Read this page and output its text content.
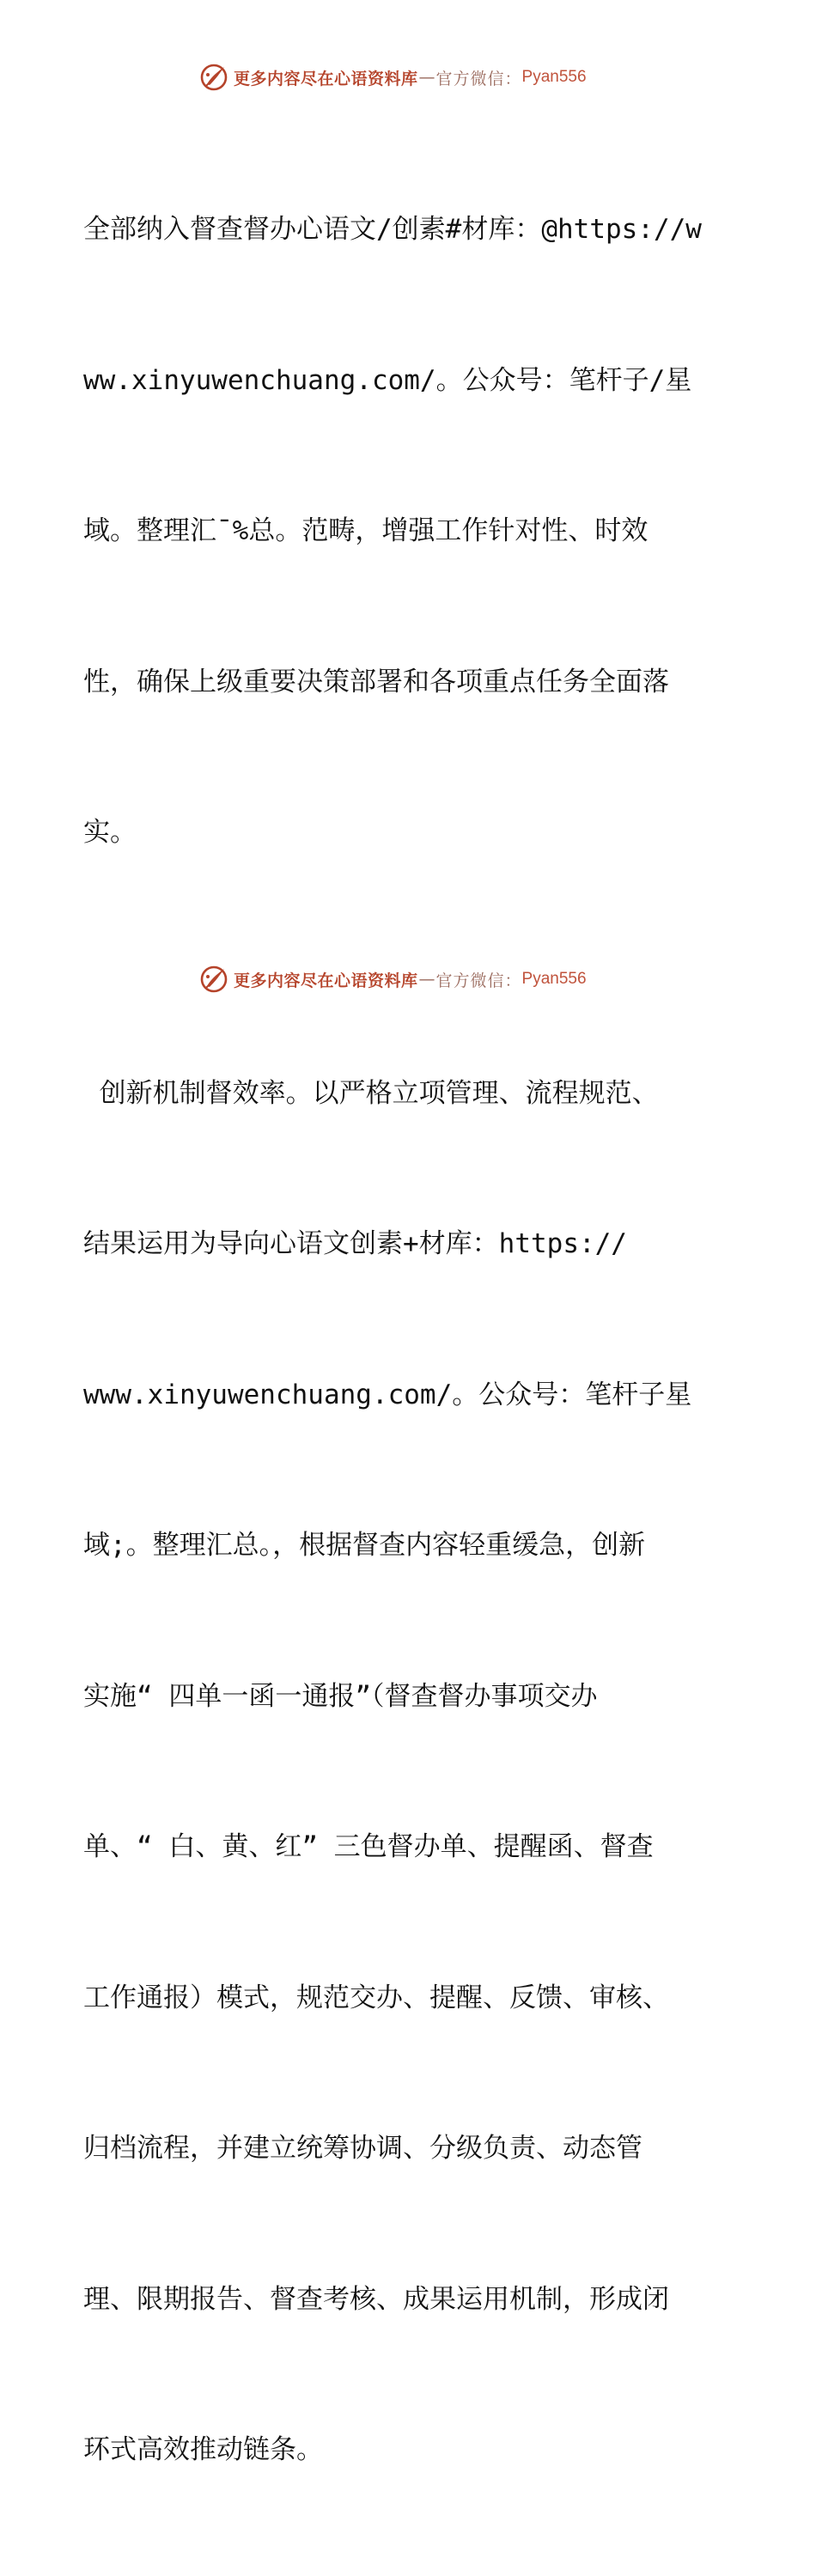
更多内容尽在心语资料库 — 官方微信： Pyan556

全部纳入督查督办心语文/创素#材库：@https://w

ww.xinyuwenchuang.com/。公众号：笔杆子/星

域。整理汇¯%总。范畴，增强工作针对性、时效

性，确保上级重要决策部署和各项重点任务全面落

实。

创新机制督效率。以严格立项管理、流程规范、

结果运用为导向心语文创素+材库：https://

www.xinyuwenchuang.com/。公众号：笔杆子星

域;。整理汇总。，根据督查内容轻重缓急，创新

实施“ 四单一函一通报”（督查督办事项交办

单、“ 白、黄、红” 三色督办单、提醒函、督查

工作通报）模式，规范交办、提醒、反馈、审核、

归档流程，并建立统筹协调、分级负责、动态管

理、限期报告、督查考核、成果运用机制，形成闭

环式高效推动链条。

更多内容尽在心语资料库 — 官方微信： Pyan556
